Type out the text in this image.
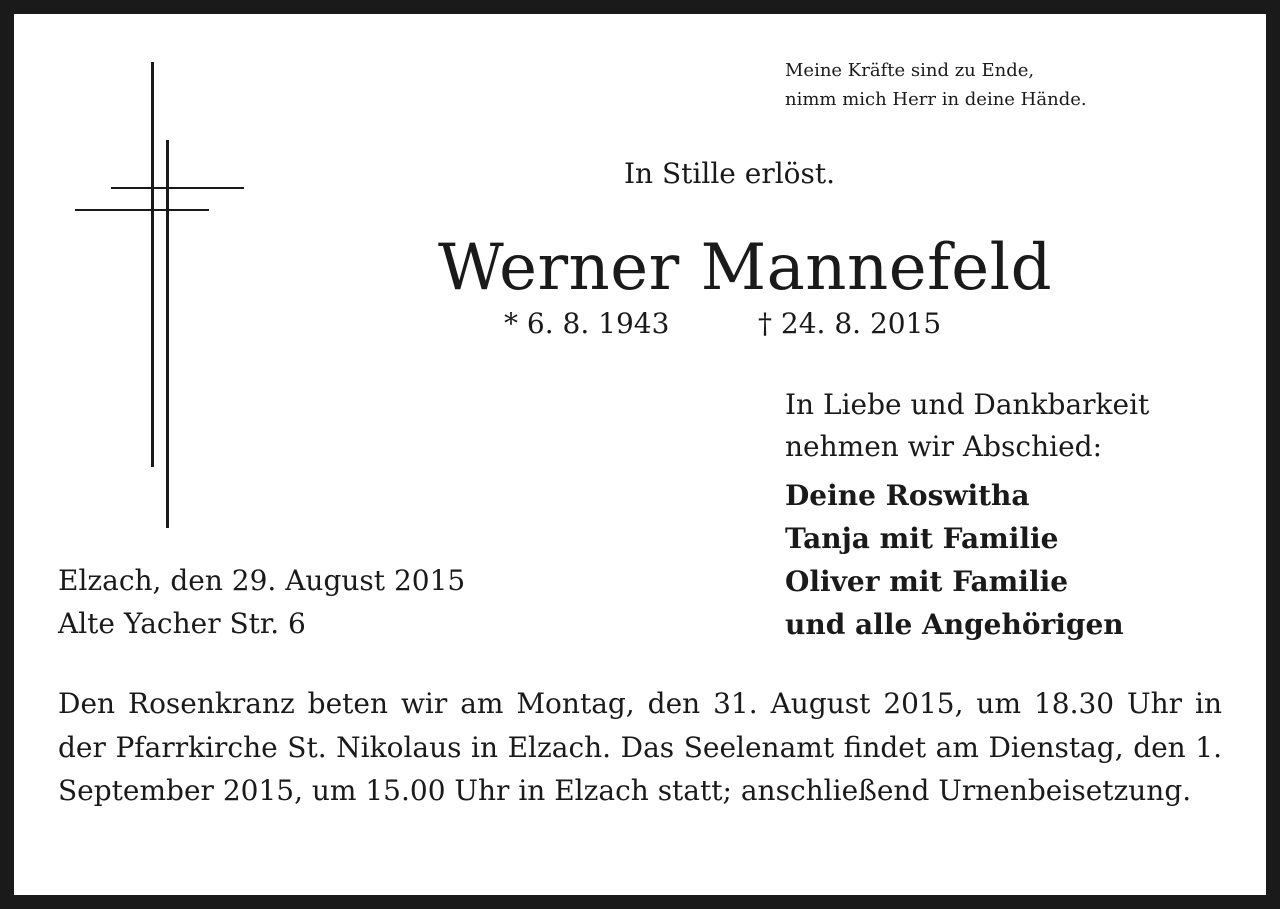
Meine Kräfte sind zu Ende,
nimm mich Herr in deine Hände.

In Stille erlöst.

Werner Mannefeld

* 6. 8. 1943	† 24. 8. 2015

In Liebe und Dankbarkeit
nehmen wir Abschied:

Deine Roswitha
Tanja mit Familie
Oliver mit Familie
und alle Angehörigen

Elzach, den 29. August 2015
Alte Yacher Str. 6

Den Rosenkranz beten wir am Montag, den 31. August 2015, um 18.30 Uhr in der Pfarrkirche St. Nikolaus in Elzach. Das Seelenamt findet am Dienstag, den 1. September 2015, um 15.00 Uhr in Elzach statt; anschließend Urnenbeisetzung.
